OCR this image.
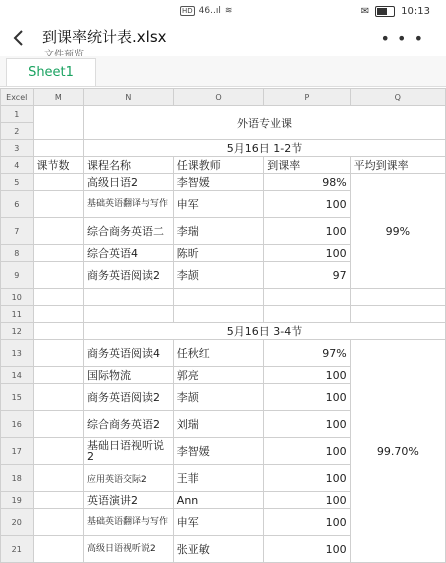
HD 46..ıl ≋	✉	10:13
到课率统计表.xlsx	• • •
Sheet1
Excel	M	N	O	P	Q
1		外语专业课			
2					
3		5月16日 1-2节			
4	课节数	课程名称	任课教师	到课率	平均到课率
5		高级日语2	李智媛	98%	99%
6		基础英语翻译与写作	申军	100	
7		综合商务英语二	李瑞	100	
8		综合英语4	陈昕	100	
9		商务英语阅读2	李颉	97	
10					
11					
12		5月16日 3-4节			
13		商务英语阅读4	任秋红	97%	99.70%
14		国际物流	郭亮	100	
15		商务英语阅读2	李颉	100	
16		综合商务英语2	刘瑞	100	
17		基础日语视听说2	李智媛	100	
18		应用英语交际2	王菲	100	
19		英语演讲2	Ann	100	
20		基础英语翻译与写作	申军	100	
21		高级日语视听说2	张亚敏	100	
